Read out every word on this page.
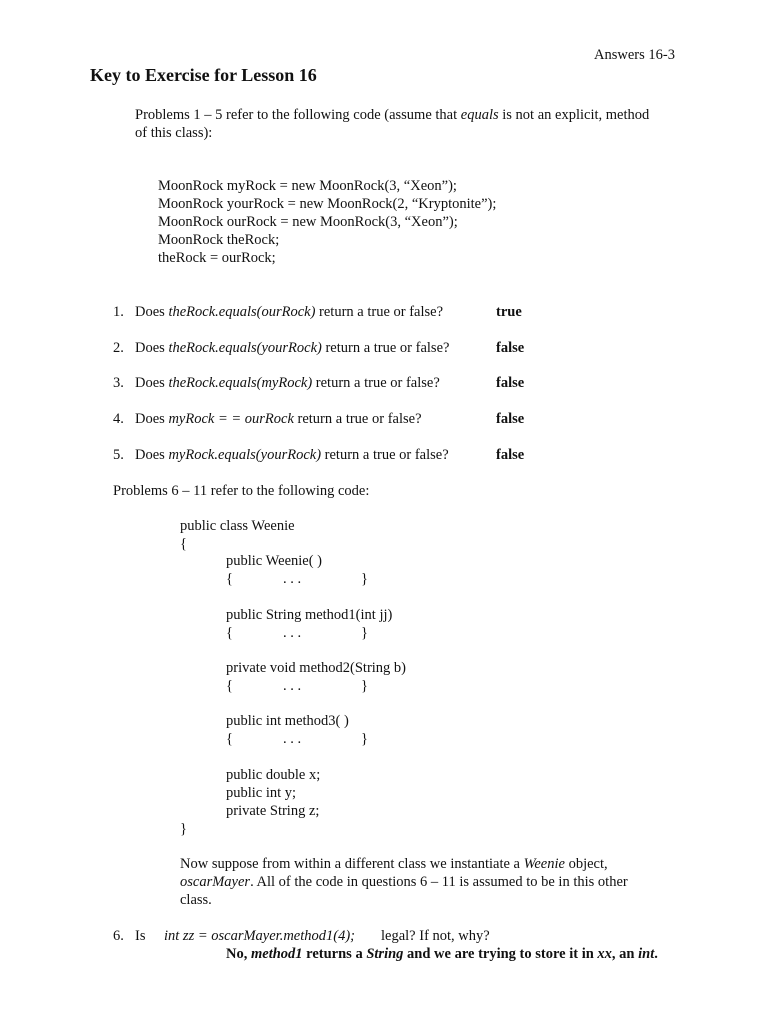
Answers 16-3
Key to Exercise for Lesson 16
Problems 1 – 5 refer to the following code (assume that equals is not an explicit, method
of this class):
MoonRock myRock = new MoonRock(3, “Xeon”);
MoonRock yourRock = new MoonRock(2, “Kryptonite”);
MoonRock ourRock = new MoonRock(3, “Xeon”);
MoonRock theRock;
theRock = ourRock;
1. Does theRock.equals(ourRock) return a true or false?	true
2. Does theRock.equals(yourRock) return a true or false?	false
3. Does theRock.equals(myRock) return a true or false?	false
4. Does myRock = = ourRock return a true or false?	false
5. Does myRock.equals(yourRock) return a true or false?	false
Problems 6 – 11 refer to the following code:
public class Weenie
{
public Weenie( )
{	. . .	}
public String method1(int jj)
{	. . .	}
private void method2(String b)
{	. . .	}
public int method3( )
{	. . .	}
public double x;
public int y;
private String z;
}
Now suppose from within a different class we instantiate a Weenie object,
oscarMayer. All of the code in questions 6 – 11 is assumed to be in this other
class.
6. Is int zz = oscarMayer.method1(4); legal? If not, why?
No, method1 returns a String and we are trying to store it in xx, an int.
